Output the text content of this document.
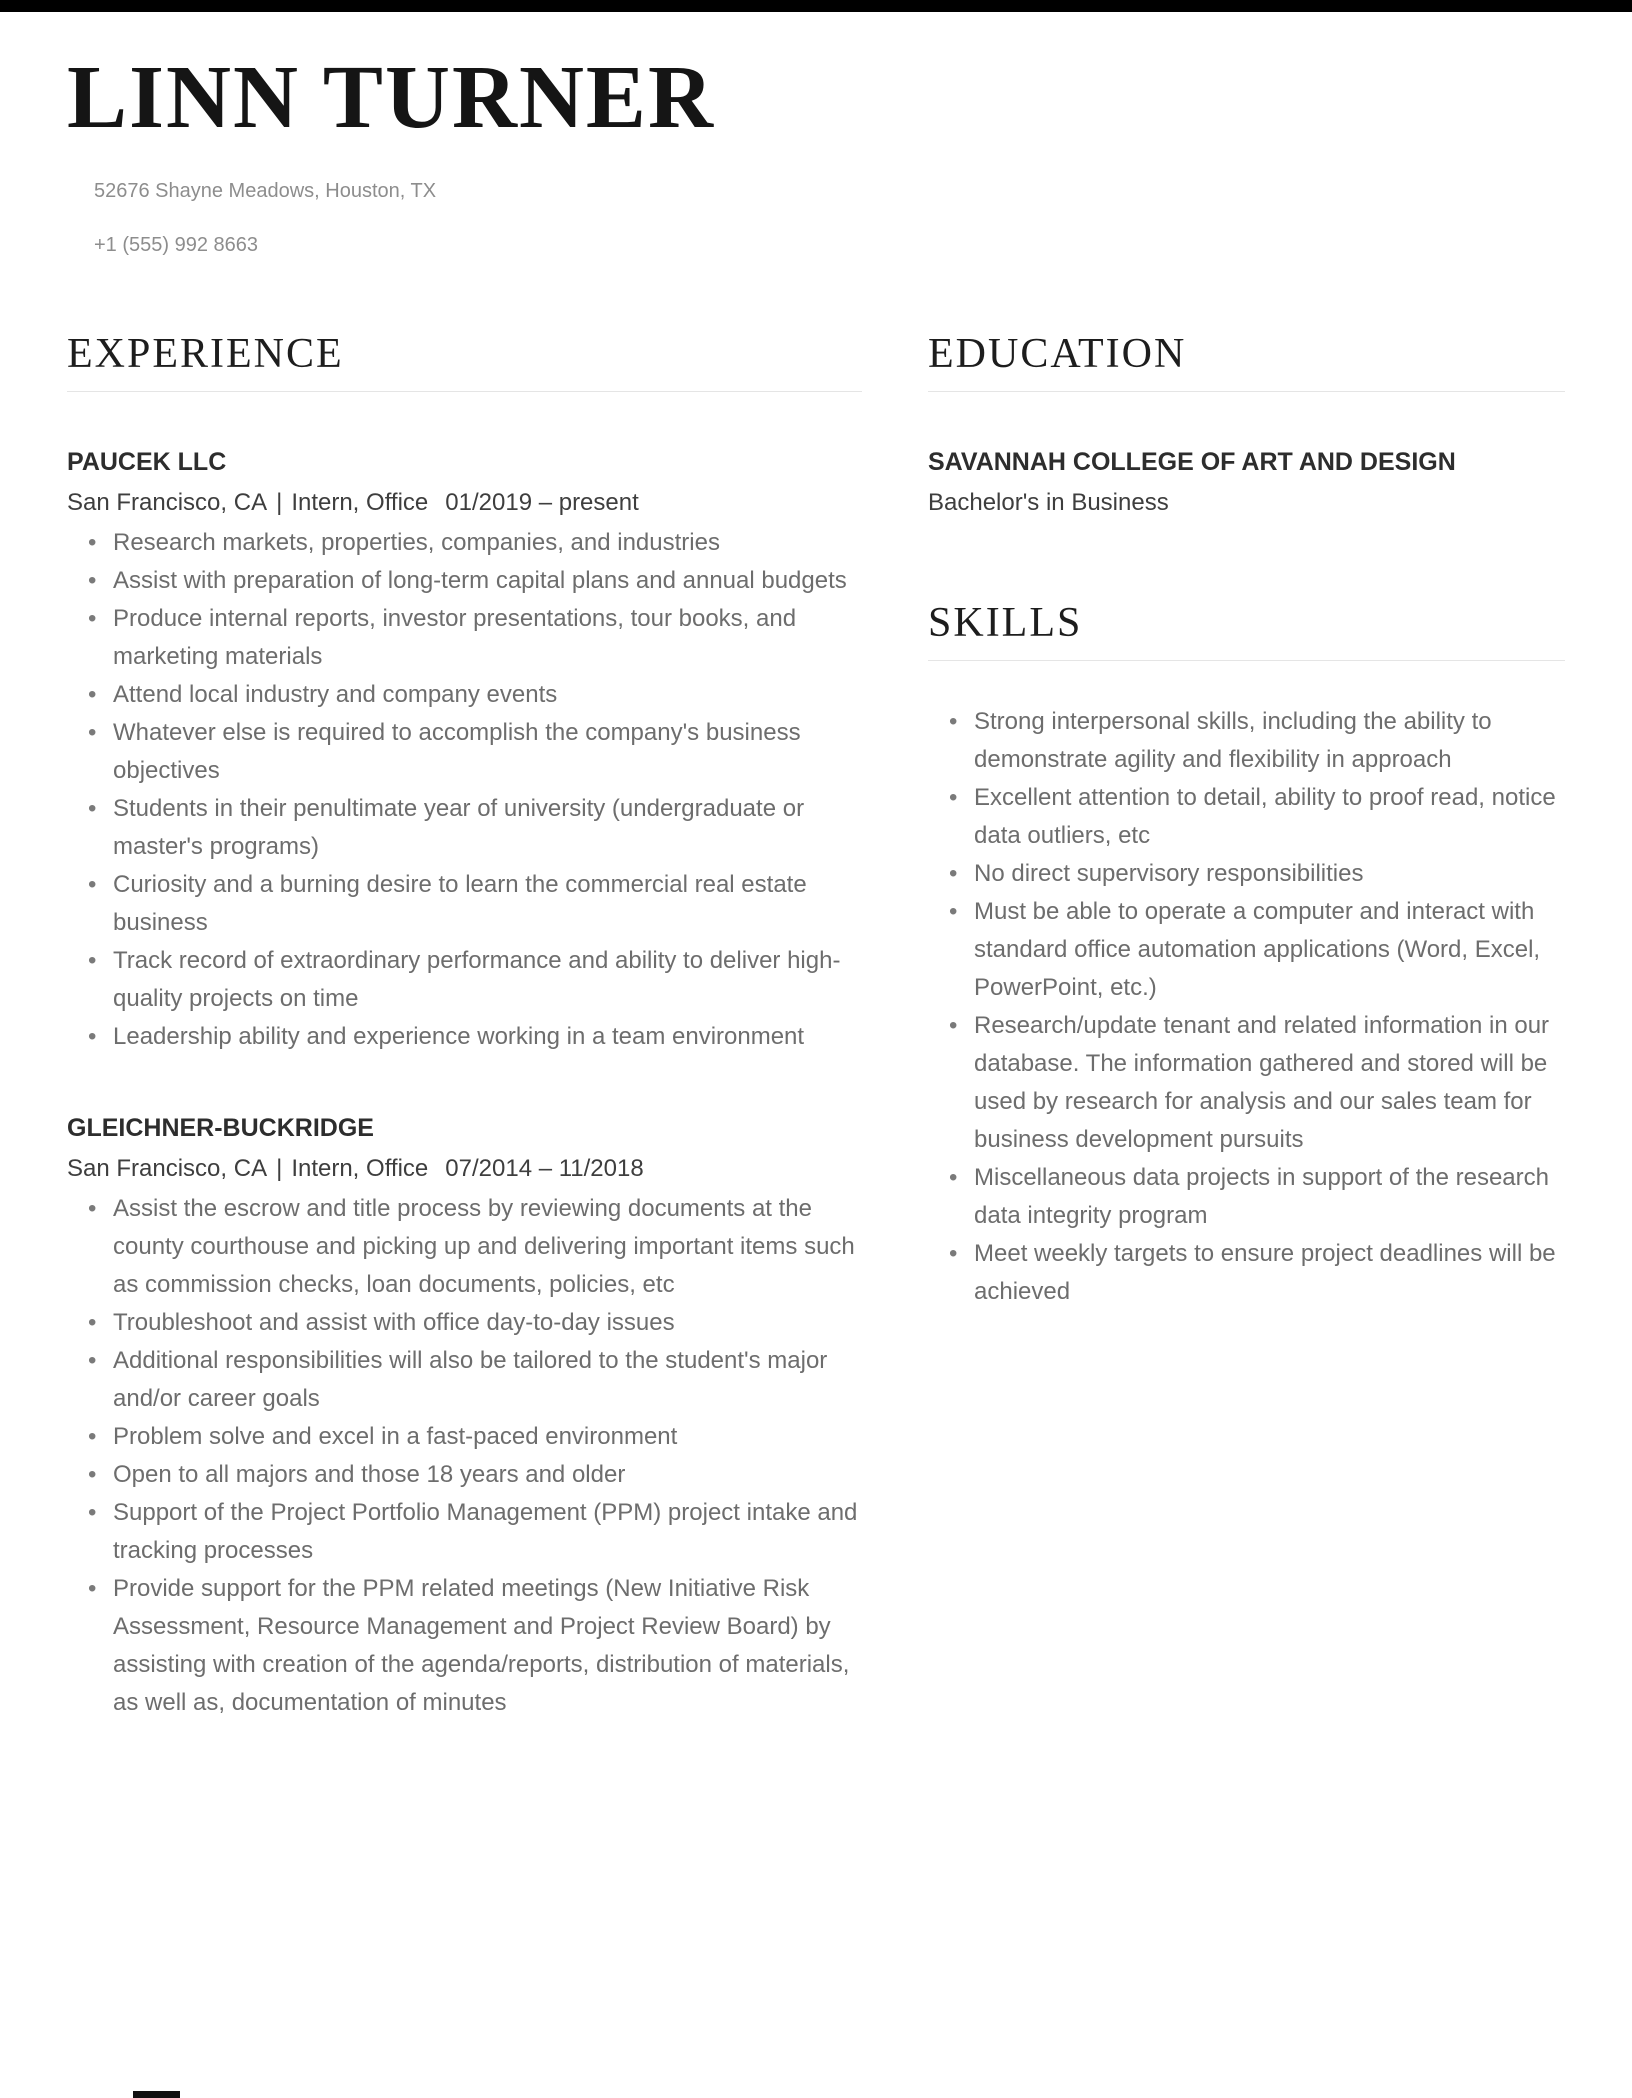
LINN TURNER
52676 Shayne Meadows, Houston, TX
+1 (555) 992 8663
EXPERIENCE
PAUCEK LLC
San Francisco, CA | Intern, Office 01/2019 – present
• Research markets, properties, companies, and industries
• Assist with preparation of long-term capital plans and annual budgets
• Produce internal reports, investor presentations, tour books, and marketing materials
• Attend local industry and company events
• Whatever else is required to accomplish the company's business objectives
• Students in their penultimate year of university (undergraduate or master's programs)
• Curiosity and a burning desire to learn the commercial real estate business
• Track record of extraordinary performance and ability to deliver high-quality projects on time
• Leadership ability and experience working in a team environment
GLEICHNER-BUCKRIDGE
San Francisco, CA | Intern, Office 07/2014 – 11/2018
• Assist the escrow and title process by reviewing documents at the county courthouse and picking up and delivering important items such as commission checks, loan documents, policies, etc
• Troubleshoot and assist with office day-to-day issues
• Additional responsibilities will also be tailored to the student's major and/or career goals
• Problem solve and excel in a fast-paced environment
• Open to all majors and those 18 years and older
• Support of the Project Portfolio Management (PPM) project intake and tracking processes
• Provide support for the PPM related meetings (New Initiative Risk Assessment, Resource Management and Project Review Board) by assisting with creation of the agenda/reports, distribution of materials, as well as, documentation of minutes
EDUCATION
SAVANNAH COLLEGE OF ART AND DESIGN
Bachelor's in Business
SKILLS
• Strong interpersonal skills, including the ability to demonstrate agility and flexibility in approach
• Excellent attention to detail, ability to proof read, notice data outliers, etc
• No direct supervisory responsibilities
• Must be able to operate a computer and interact with standard office automation applications (Word, Excel, PowerPoint, etc.)
• Research/update tenant and related information in our database. The information gathered and stored will be used by research for analysis and our sales team for business development pursuits
• Miscellaneous data projects in support of the research data integrity program
• Meet weekly targets to ensure project deadlines will be achieved
